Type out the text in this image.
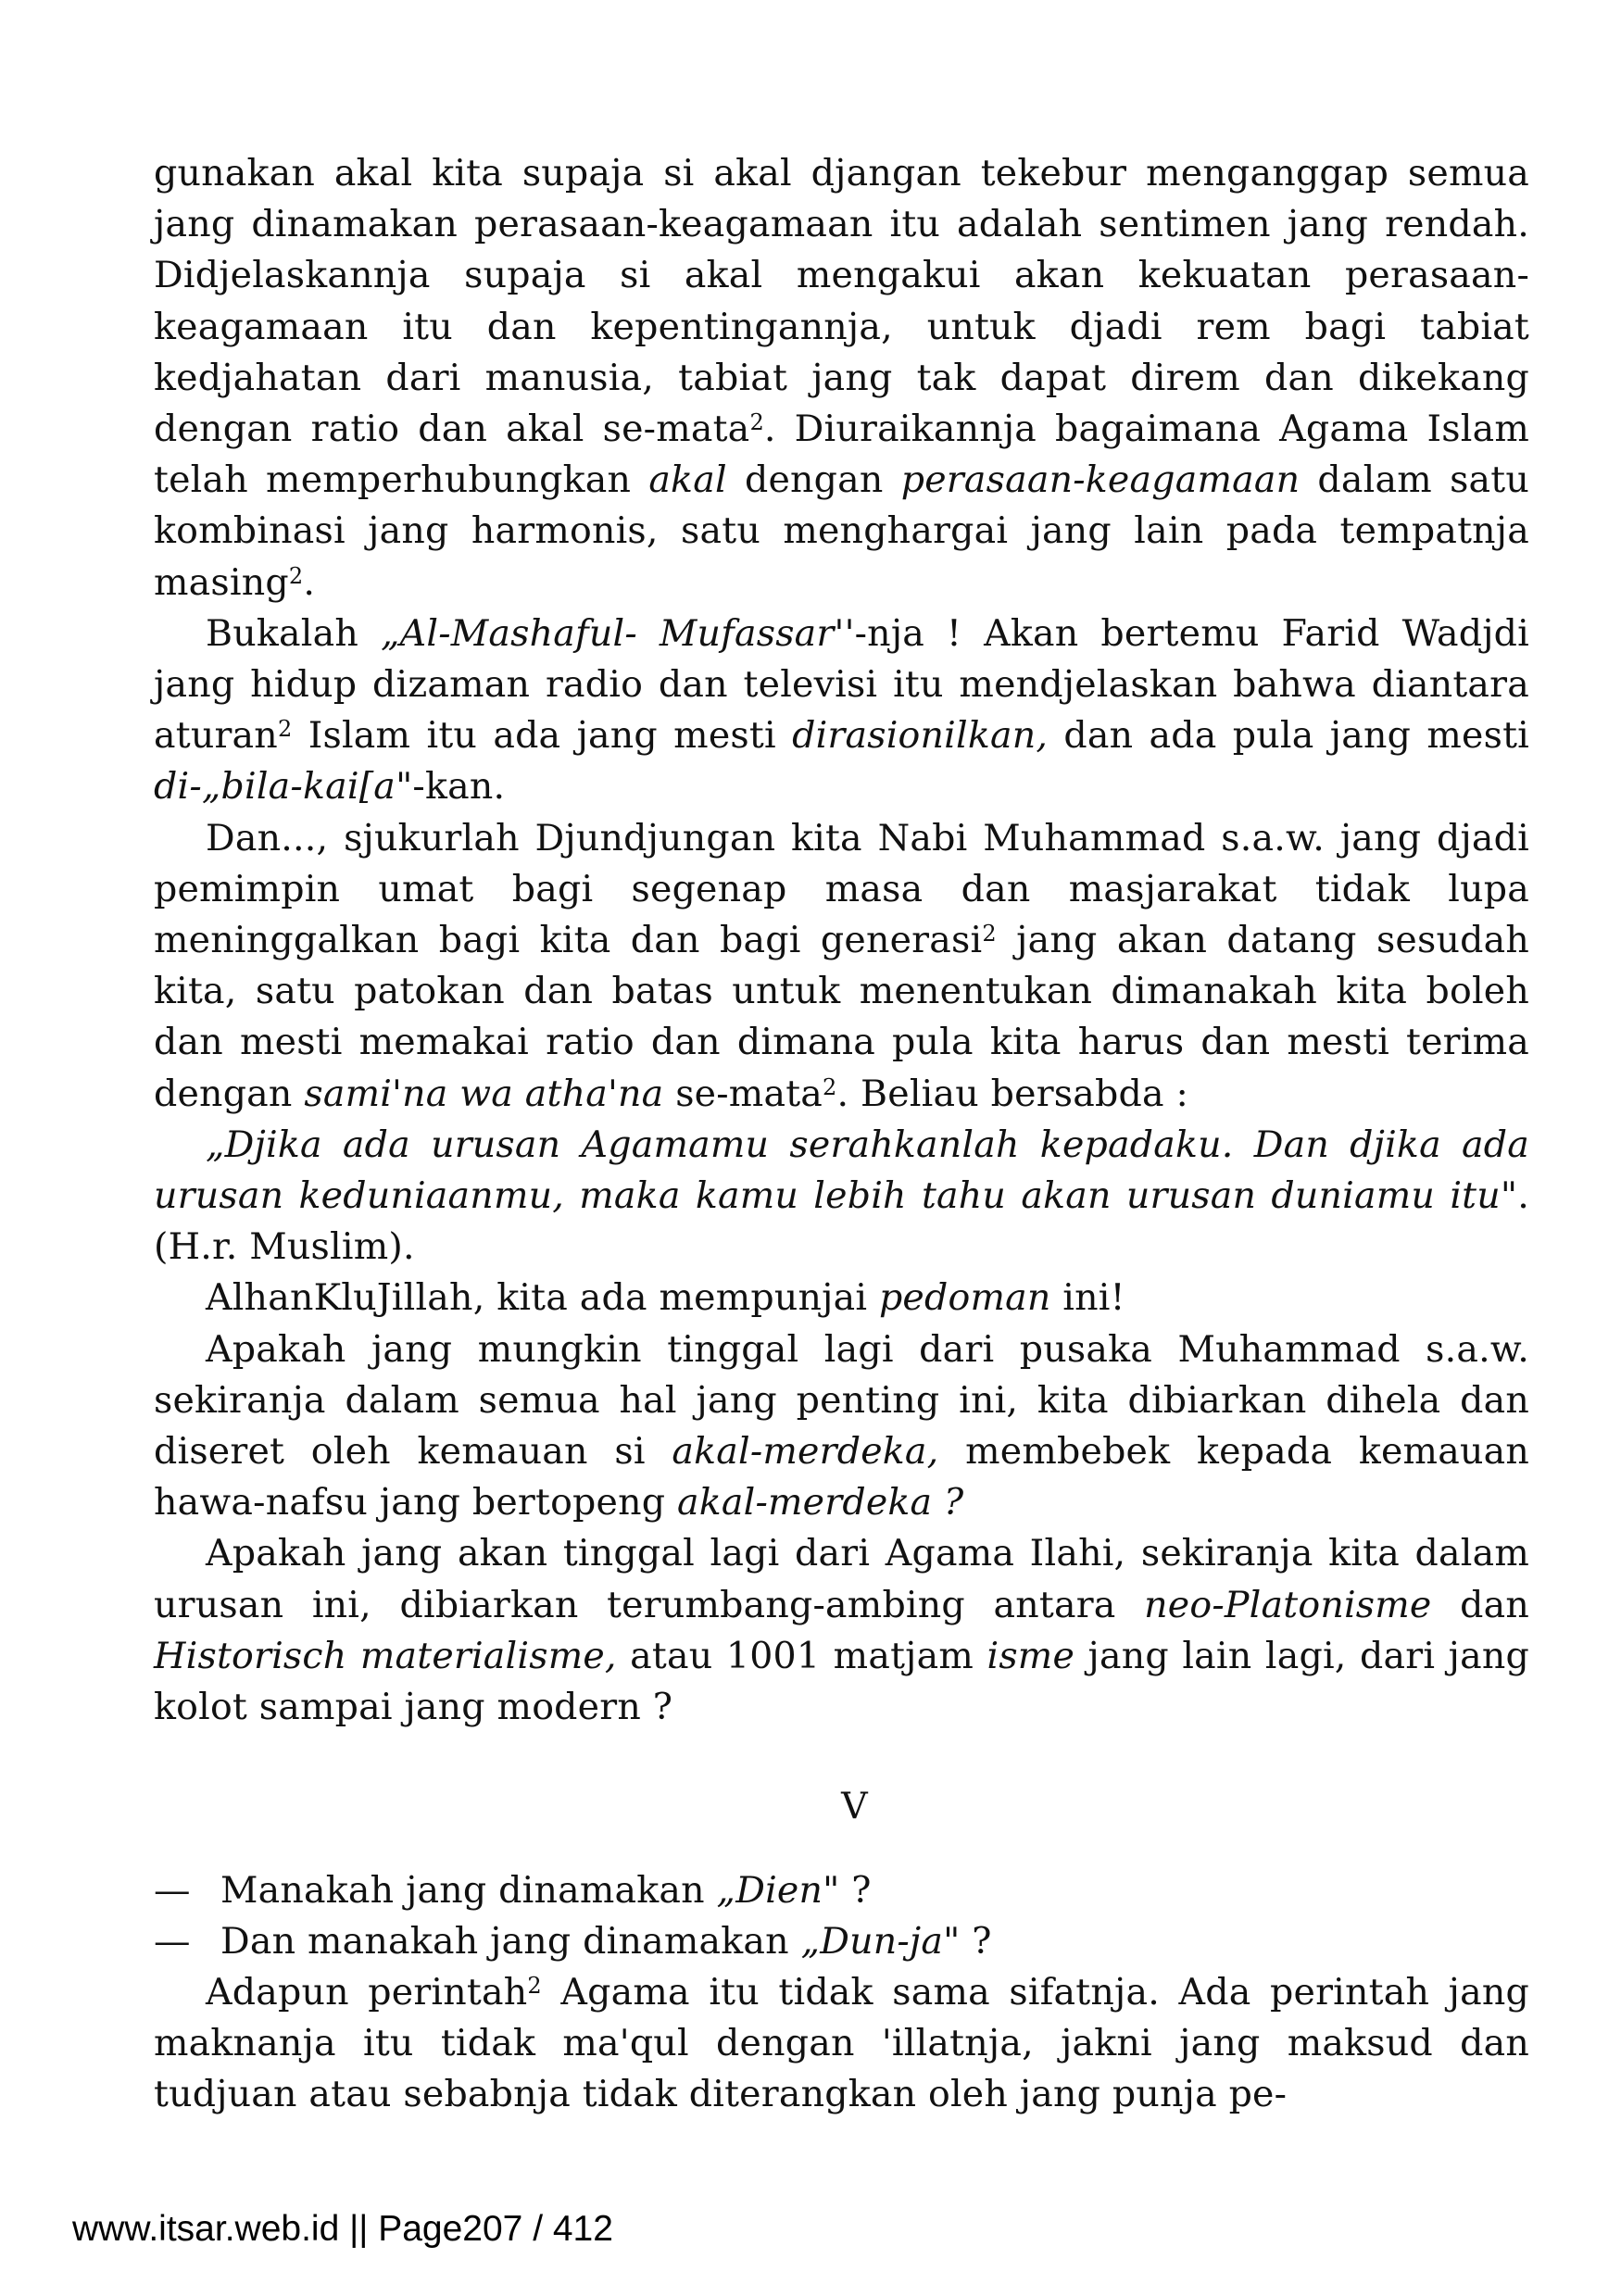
gunakan akal kita supaja si akal djangan tekebur menganggap semua jang dinamakan perasaan-keagamaan itu adalah sentimen jang rendah. Didjelaskannja supaja si akal mengakui akan kekuatan perasaan-keagamaan itu dan kepentingannja, untuk djadi rem bagi tabiat kedjahatan dari manusia, tabiat jang tak dapat direm dan dikekang dengan ratio dan akal se-mata$^2$. Diuraikannja bagaimana Agama Islam telah memperhubungkan akal dengan perasaan-keagamaan dalam satu kombinasi jang harmonis, satu menghargai jang lain pada tempatnja masing$^2$.

Bukalah „Al-Mashaful- Mufassar''-nja ! Akan bertemu Farid Wadjdi jang hidup dizaman radio dan televisi itu mendjelaskan bahwa diantara aturan$^2$ Islam itu ada jang mesti dirasionilkan, dan ada pula jang mesti di-„bila-kai[a"-kan.

Dan..., sjukurlah Djundjungan kita Nabi Muhammad s.a.w. jang djadi pemimpin umat bagi segenap masa dan masjarakat tidak lupa meninggalkan bagi kita dan bagi generasi$^2$ jang akan datang sesudah kita, satu patokan dan batas untuk menentukan dimanakah kita boleh dan mesti memakai ratio dan dimana pula kita harus dan mesti terima dengan sami'na wa atha'na se-mata$^2$. Beliau bersabda :

„Djika ada urusan Agamamu serahkanlah kepadaku. Dan djika ada urusan keduniaanmu, maka kamu lebih tahu akan urusan duniamu itu". (H.r. Muslim).

AlhanKluJillah, kita ada mempunjai pedoman ini!

Apakah jang mungkin tinggal lagi dari pusaka Muhammad s.a.w. sekiranja dalam semua hal jang penting ini, kita dibiarkan dihela dan diseret oleh kemauan si akal-merdeka, membebek kepada kemauan hawa-nafsu jang bertopeng akal-merdeka ?

Apakah jang akan tinggal lagi dari Agama Ilahi, sekiranja kita dalam urusan ini, dibiarkan terumbang-ambing antara neo-Platonisme dan Historisch materialisme, atau 1001 matjam isme jang lain lagi, dari jang kolot sampai jang modern ?

V

— Manakah jang dinamakan „Dien" ?
— Dan manakah jang dinamakan „Dun-ja" ?

Adapun perintah$^2$ Agama itu tidak sama sifatnja. Ada perintah jang maknanja itu tidak ma'qul dengan 'illatnja, jakni jang maksud dan tudjuan atau sebabnja tidak diterangkan oleh jang punja pe-

www.itsar.web.id || Page207 / 412
